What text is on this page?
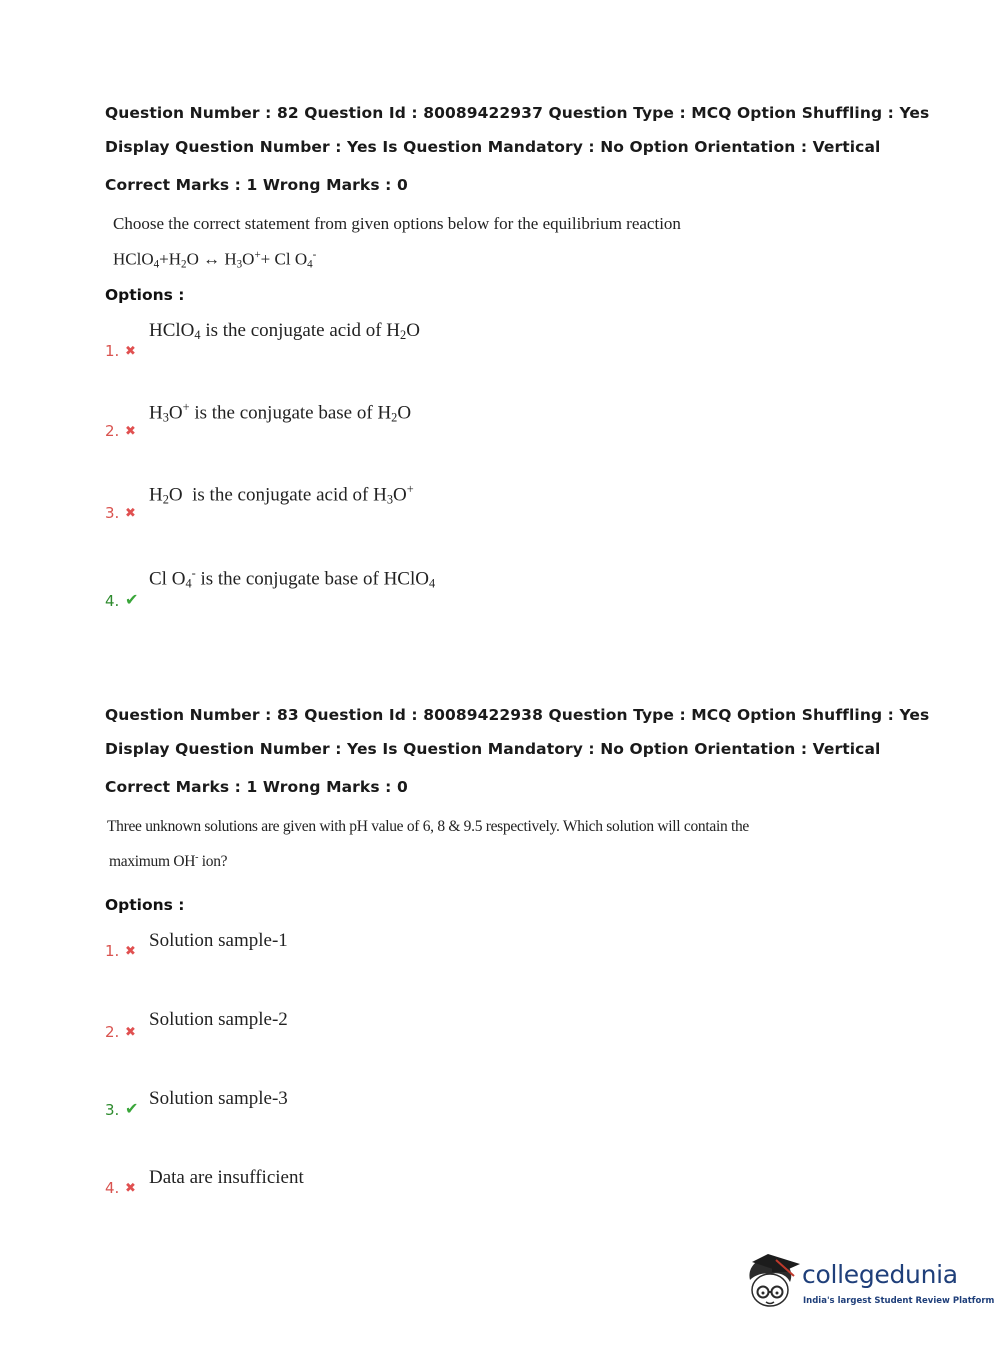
Question Number : 82 Question Id : 80089422937 Question Type : MCQ Option Shuffling : Yes
Display Question Number : Yes Is Question Mandatory : No Option Orientation : Vertical
Correct Marks : 1 Wrong Marks : 0
Choose the correct statement from given options below for the equilibrium reaction
$HClO_4+H_2O$ ↔ $H_3O^++ Cl$ $O_4^-$
Options :
1. ✖
HClO$_4$ is the conjugate acid of $H_2O$
2. ✖
$H_3O^+$ is the conjugate base of $H_2O$
3. ✖
$H_2O$  is the conjugate acid of $H_3O^+$
4. ✔
Cl $O_4^-$ is the conjugate base of HClO$_4$
Question Number : 83 Question Id : 80089422938 Question Type : MCQ Option Shuffling : Yes
Display Question Number : Yes Is Question Mandatory : No Option Orientation : Vertical
Correct Marks : 1 Wrong Marks : 0
Three unknown solutions are given with pH value of 6, 8 & 9.5 respectively. Which solution will contain the
maximum OH- ion?
Options :
1. ✖
Solution sample-1
2. ✖
Solution sample-2
3. ✔ Solution sample-3
4. ✖
Data are insufficient
collegedunia
India's largest Student Review Platform
